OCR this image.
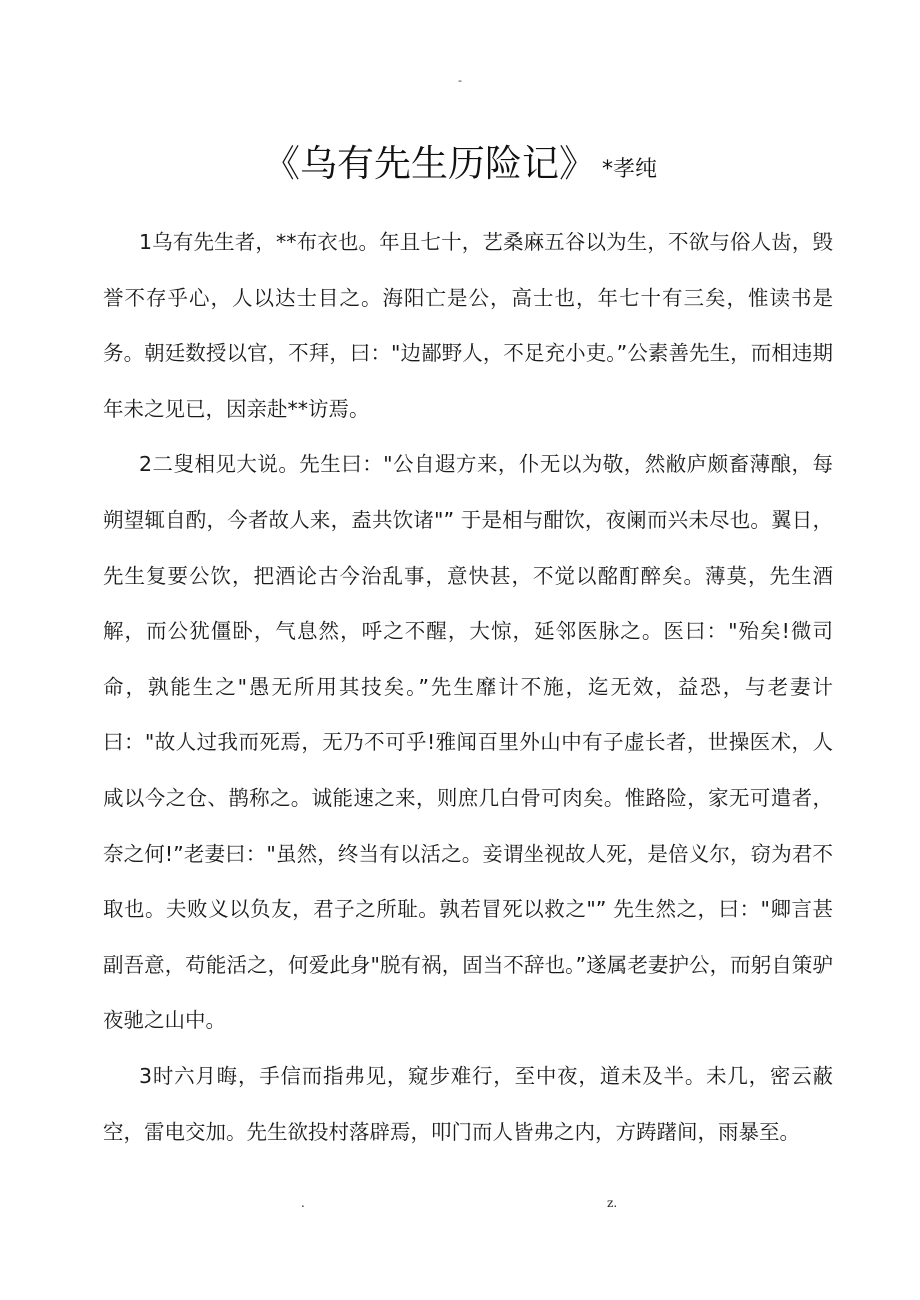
-
《乌有先生历险记》 *孝纯

1乌有先生者，**布衣也。年且七十，艺桑麻五谷以为生，不欲与俗人齿，毁誉不存乎心，人以达士目之。海阳亡是公，高士也，年七十有三矣，惟读书是务。朝廷数授以官，不拜，曰："边鄙野人，不足充小吏。”公素善先生，而相违期年未之见已，因亲赴**访焉。

2二叟相见大说。先生曰："公自遐方来，仆无以为敬，然敝庐颇畜薄酿，每朔望辄自酌，今者故人来，盍共饮诸"” 于是相与酣饮，夜阑而兴未尽也。翼日，先生复要公饮，把酒论古今治乱事，意快甚，不觉以酩酊醉矣。薄莫，先生酒解，而公犹僵卧，气息然，呼之不醒，大惊，延邻医脉之。医曰："殆矣!微司命，孰能生之"愚无所用其技矣。”先生靡计不施，迄无效，益恐，与老妻计曰："故人过我而死焉，无乃不可乎!雅闻百里外山中有子虚长者，世操医术，人咸以今之仓、鹊称之。诚能速之来，则庶几白骨可肉矣。惟路险，家无可遣者，奈之何!”老妻曰："虽然，终当有以活之。妾谓坐视故人死，是倍义尔，窃为君不取也。夫败义以负友，君子之所耻。孰若冒死以救之"” 先生然之，曰："卿言甚副吾意，苟能活之，何爱此身"脱有祸，固当不辞也。”遂属老妻护公，而躬自策驴夜驰之山中。

3时六月晦，手信而指弗见，窥步难行，至中夜，道未及半。未几，密云蔽空，雷电交加。先生欲投村落辟焉，叩门而人皆弗之内，方踌躇间，雨暴至。

.	z.
